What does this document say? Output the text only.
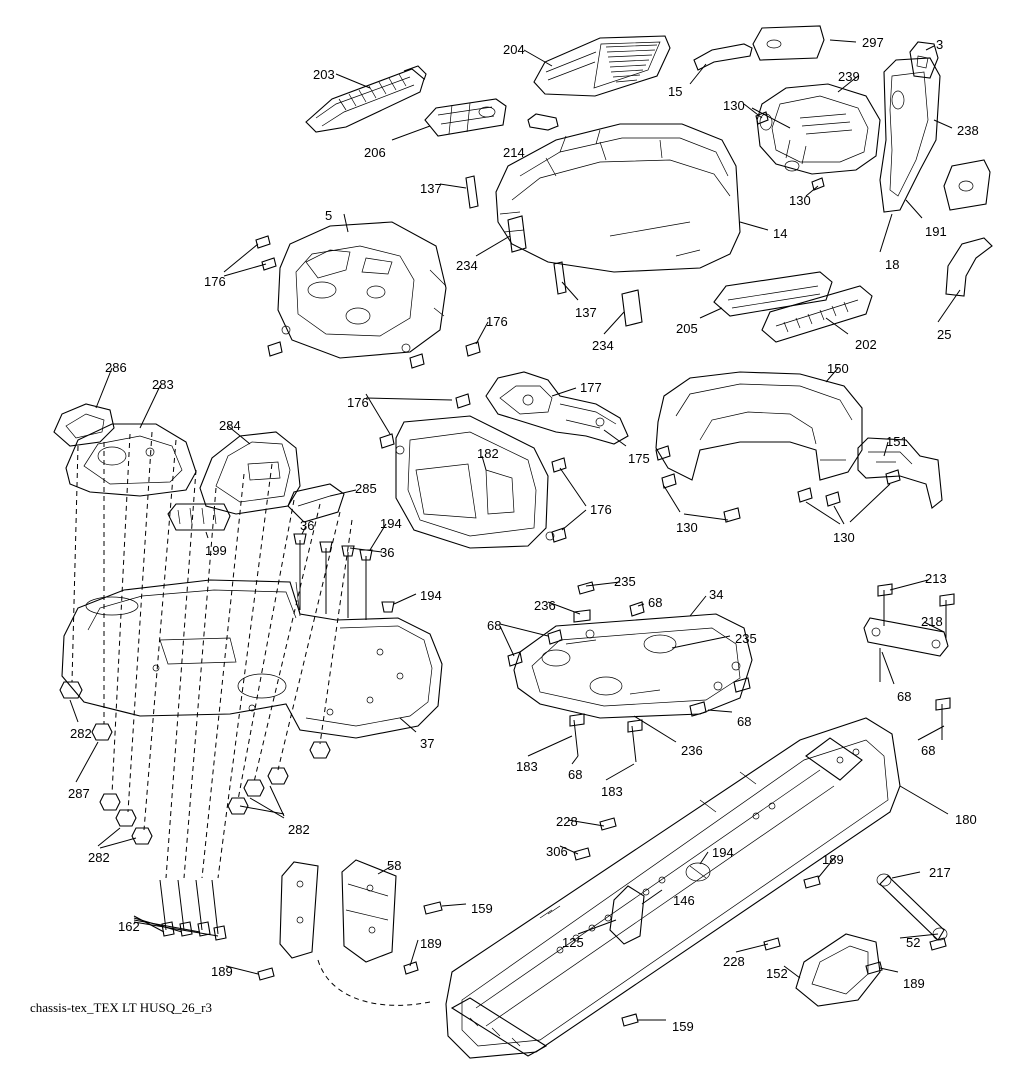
203
204	297	3
239
15
130
206	214
238
137
130
191
5
14
234	18
176
137
176	205
202
234
25
150
286
283
176
177
284
151
182	175
285
176
130
130
199
36	194
36
194
235	213
236	68
34
218
68
235
282
68
68
37	236
183
68
183
68
287
282
282
228	180
306	194
217
58	189
146
159
52
162
189	125
228
189
152
189
159
chassis-tex_TEX LT HUSQ_26_r3
